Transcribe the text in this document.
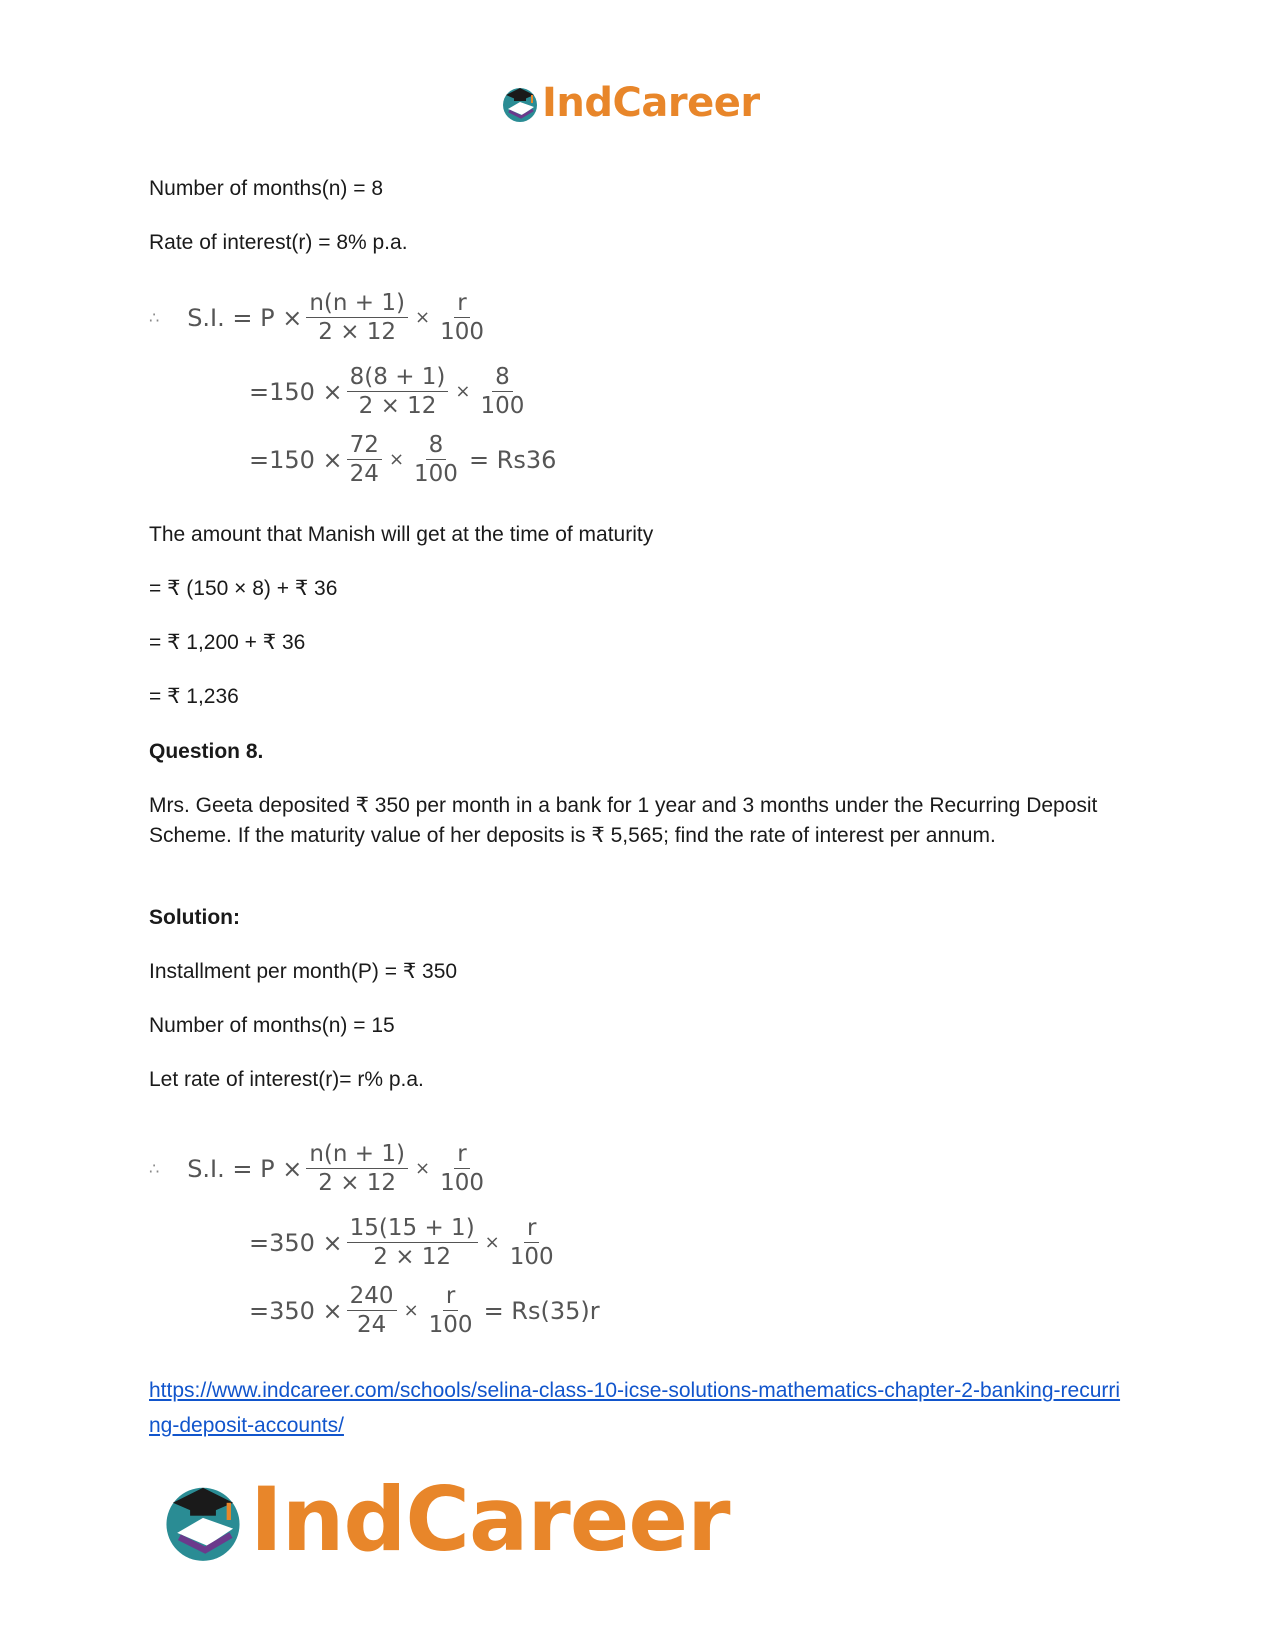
IndCareer

Number of months(n) = 8

Rate of interest(r) = 8% p.a.

∴ S.I. = $P \times \frac{n(n + 1)}{2 \times 12} \times \frac{r}{100}$
$=150 \times \frac{8(8 + 1)}{2 \times 12} \times \frac{8}{100}$
$=150 \times \frac{72}{24} \times \frac{8}{100} = Rs36$

The amount that Manish will get at the time of maturity

= ₹ (150 × 8) + ₹ 36

= ₹ 1,200 + ₹ 36

= ₹ 1,236

Question 8.

Mrs. Geeta deposited ₹ 350 per month in a bank for 1 year and 3 months under the Recurring Deposit Scheme. If the maturity value of her deposits is ₹ 5,565; find the rate of interest per annum.

Solution:

Installment per month(P) = ₹ 350

Number of months(n) = 15

Let rate of interest(r)= r% p.a.

∴ S.I. = $P \times \frac{n(n + 1)}{2 \times 12} \times \frac{r}{100}$
$=350 \times \frac{15(15 + 1)}{2 \times 12} \times \frac{r}{100}$
$=350 \times \frac{240}{24} \times \frac{r}{100} = Rs(35)r$
https://www.indcareer.com/schools/selina-class-10-icse-solutions-mathematics-chapter-2-banking-recurring-deposit-accounts/
IndCareer
